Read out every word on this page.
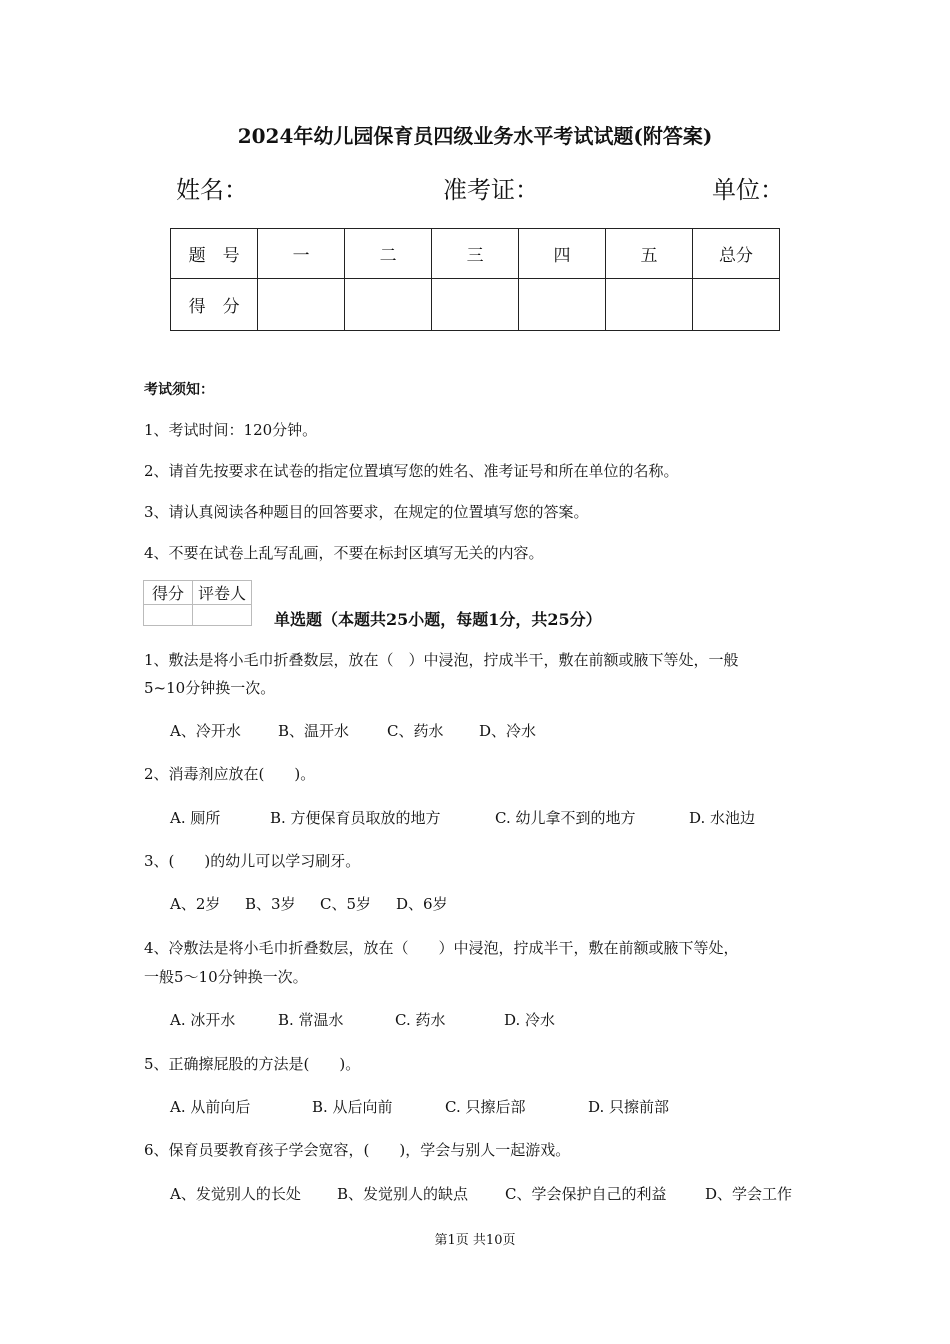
2024年幼儿园保育员四级业务水平考试试题(附答案)
姓名：	准考证：	单位：
题　号	一	二	三	四	五	总分
得　分						
考试须知：
1、考试时间：120分钟。
2、请首先按要求在试卷的指定位置填写您的姓名、准考证号和所在单位的名称。
3、请认真阅读各种题目的回答要求，在规定的位置填写您的答案。
4、不要在试卷上乱写乱画，不要在标封区填写无关的内容。
得分	评卷人

单选题（本题共25小题，每题1分，共25分）
1、敷法是将小毛巾折叠数层，放在（　）中浸泡，拧成半干，敷在前额或腋下等处，一般
5~10分钟换一次。
A、冷开水 B、温开水	C、药水 D、冷水
2、消毒剂应放在(　　)。
A. 厕所	B. 方便保育员取放的地方	C. 幼儿拿不到的地方	D. 水池边
3、(　　)的幼儿可以学习刷牙。
A、2岁 B、3岁 C、5岁 D、6岁
4、冷敷法是将小毛巾折叠数层，放在（　　）中浸泡，拧成半干，敷在前额或腋下等处，
一般5～10分钟换一次。
A. 冰开水	B. 常温水	C. 药水	D. 冷水
5、正确擦屁股的方法是(　　)。
A. 从前向后	B. 从后向前	C. 只擦后部	D. 只擦前部
6、保育员要教育孩子学会宽容，(　　)，学会与别人一起游戏。
A、发觉别人的长处 B、发觉别人的缺点 C、学会保护自己的利益	D、学会工作
第1页 共10页
